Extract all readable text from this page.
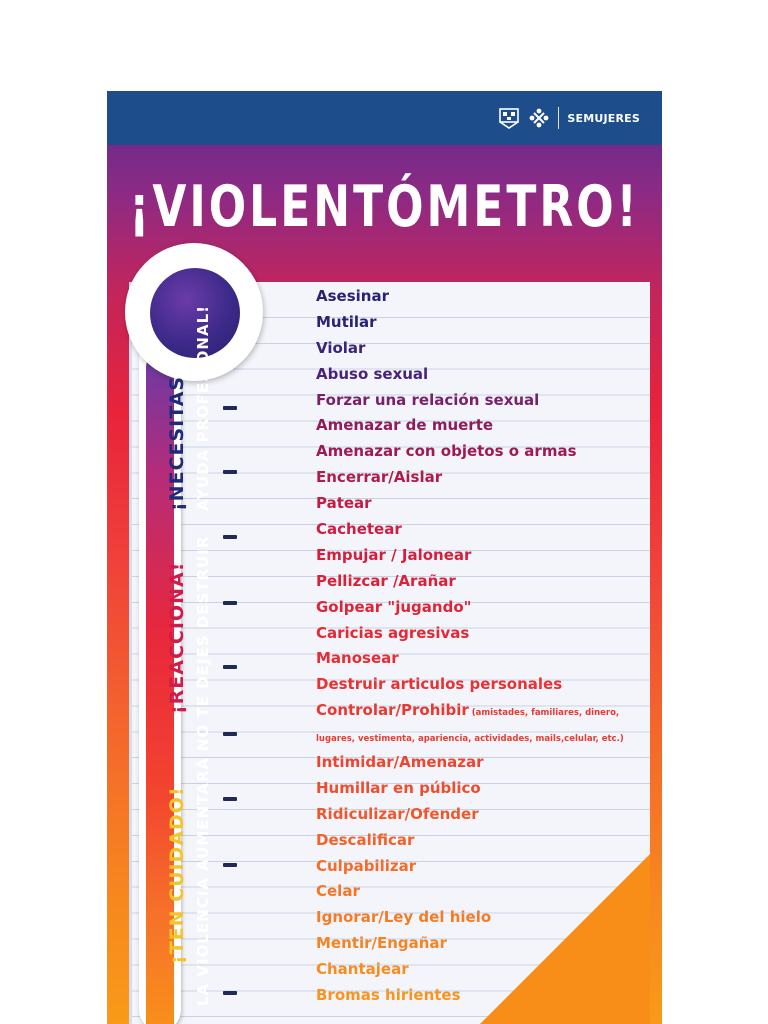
SEMUJERES
¡VIOLENTÓMETRO!
¡NECESITAS AYUDA PROFESIONAL!
¡REACCIONA! NO TE DEJES DESTRUIR
¡TEN CUIDADO! LA VIOLENCIA AUMENTARÁ
Asesinar
Mutilar
Violar
Abuso sexual
Forzar una relación sexual
Amenazar de muerte
Amenazar con objetos o armas
Encerrar/Aislar
Patear
Cachetear
Empujar / Jalonear
Pellizcar /Arañar
Golpear "jugando"
Caricias agresivas
Manosear
Destruir articulos personales
Controlar/Prohibir (amistades, familiares, dinero,
lugares, vestimenta, apariencia, actividades, mails,celular, etc.)
Intimidar/Amenazar
Humillar en público
Ridiculizar/Ofender
Descalificar
Culpabilizar
Celar
Ignorar/Ley del hielo
Mentir/Engañar
Chantajear
Bromas hirientes
